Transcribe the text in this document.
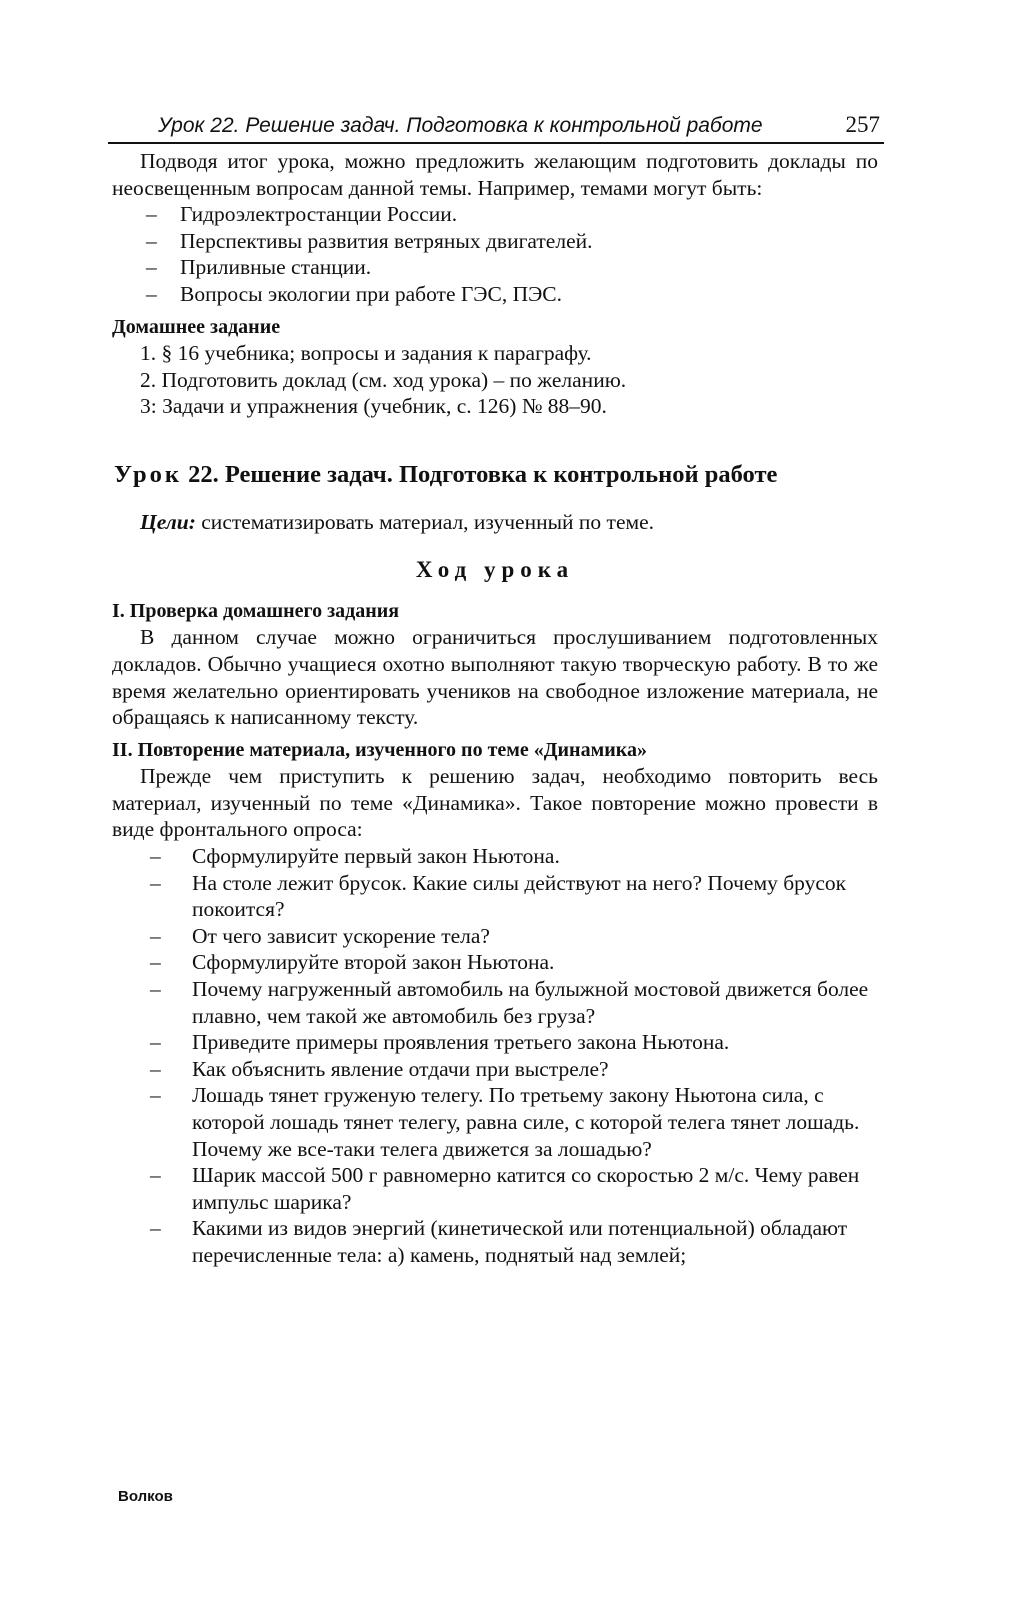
Урок 22. Решение задач. Подготовка к контрольной работе	257

Подводя итог урока, можно предложить желающим подготовить доклады по неосвещенным вопросам данной темы. Например, темами могут быть:

– Гидроэлектростанции России.
– Перспективы развития ветряных двигателей.
– Приливные станции.
– Вопросы экологии при работе ГЭС, ПЭС.
Домашнее задание
1. § 16 учебника; вопросы и задания к параграфу.
2. Подготовить доклад (см. ход урока) – по желанию.
3: Задачи и упражнения (учебник, с. 126) № 88–90.
Урок 22. Решение задач. Подготовка к контрольной работе

Цели: систематизировать материал, изученный по теме.

Ход урока
I. Проверка домашнего задания

В данном случае можно ограничиться прослушиванием подготовленных докладов. Обычно учащиеся охотно выполняют такую творческую работу. В то же время желательно ориентировать учеников на свободное изложение материала, не обращаясь к написанному тексту.

II. Повторение материала, изученного по теме «Динамика»

Прежде чем приступить к решению задач, необходимо повторить весь материал, изученный по теме «Динамика». Такое повторение можно провести в виде фронтального опроса:

– Сформулируйте первый закон Ньютона.
– На столе лежит брусок. Какие силы действуют на него? Почему брусок покоится?
– От чего зависит ускорение тела?
– Сформулируйте второй закон Ньютона.
– Почему нагруженный автомобиль на булыжной мостовой движется более плавно, чем такой же автомобиль без груза?
– Приведите примеры проявления третьего закона Ньютона.
– Как объяснить явление отдачи при выстреле?
– Лошадь тянет груженую телегу. По третьему закону Ньютона сила, с которой лошадь тянет телегу, равна силе, с которой телега тянет лошадь. Почему же все-таки телега движется за лошадью?
– Шарик массой 500 г равномерно катится со скоростью 2 м/с. Чему равен импульс шарика?
– Какими из видов энергий (кинетической или потенциальной) обладают перечисленные тела: а) камень, поднятый над землей;
Волков
